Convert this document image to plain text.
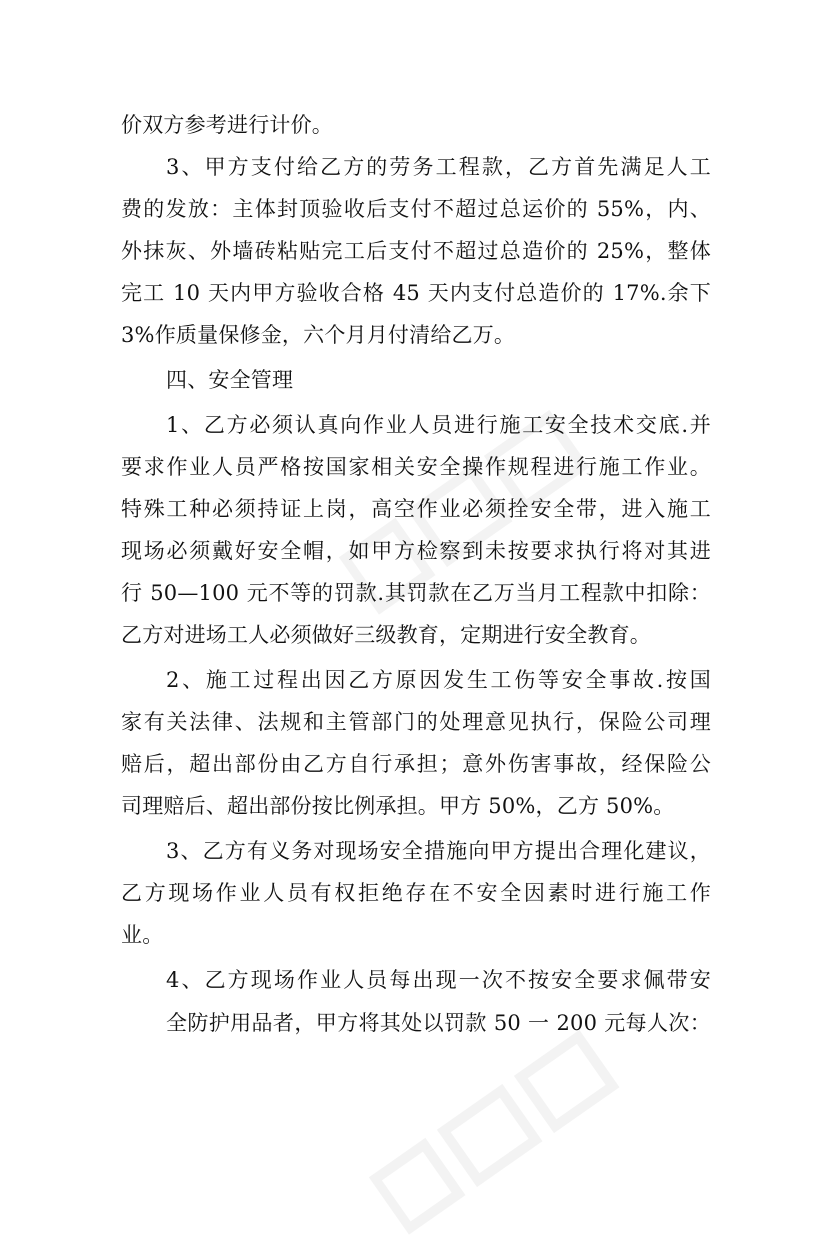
价双方参考进行计价。
3、甲方支付给乙方的劳务工程款，乙方首先满足人工
费的发放：主体封顶验收后支付不超过总运价的 55%，内、
外抹灰、外墙砖粘贴完工后支付不超过总造价的 25%，整体
完工 10 天内甲方验收合格 45 天内支付总造价的 17%.余下
3%作质量保修金，六个月月付清给乙万。
四、安全管理
1、乙方必须认真向作业人员进行施工安全技术交底.并
要求作业人员严格按国家相关安全操作规程进行施工作业。
特殊工种必须持证上岗，高空作业必须拴安全带，进入施工
现场必须戴好安全帽，如甲方检察到未按要求执行将对其进
行 50—100 元不等的罚款.其罚款在乙万当月工程款中扣除：
乙方对进场工人必须做好三级教育，定期进行安全教育。
2、施工过程出因乙方原因发生工伤等安全事故.按国
家有关法律、法规和主管部门的处理意见执行，保险公司理
赔后，超出部份由乙方自行承担；意外伤害事故，经保险公
司理赔后、超出部份按比例承担。甲方 50%，乙方 50%。
3、乙方有义务对现场安全措施向甲方提出合理化建议，
乙方现场作业人员有权拒绝存在不安全因素时进行施工作
业。
4、乙方现场作业人员每出现一次不按安全要求佩带安
全防护用品者，甲方将其处以罚款 50 一 200 元每人次：
